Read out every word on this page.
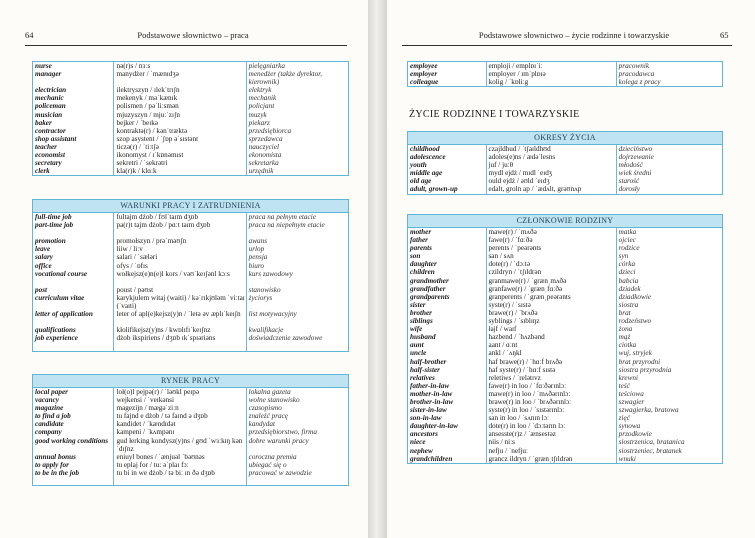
64	Podstawowe słownictwo – praca
nurse	nə(r)s / nɜːs	pielęgniarka
manager	manydżer / ˈmænɪdʒə	menedżer (także dyrektor, kierownik)
electrician	ilektryszyn / ɪlekˈtrɪʃn	elektryk
mechanic	mekenyk / məˈkænɪk	mechanik
policeman	polismen / pəˈliːsmən	policjant
musician	mjuzyszyn / mjuːˈzɪʃn	muzyk
baker	bejker / ˈbeɪkə	piekarz
contractor	kontraktə(r) / kənˈtræktə	przedsiębiorca
shop assistant	szop asystent / ˈʃɒp əˈsɪstənt	sprzedawca
teacher	ticzə(r) / ˈtiːtʃə	nauczyciel
economist	ikonomyst / ɪˈkɒnəmɪst	ekonomista
secretary	sekretri / ˈsekrətri	sekretarka
clerk	kla(r)k / klɑːk	urzędnik
WARUNKI PRACY I ZATRUDNIENIA
full-time job	fultajm dżob / fʊlˈtaɪm dʒɒb	praca na pełnym etacie
part-time job	pa(r)t tajm dżob / pɑːt taɪm dʒɒb	praca na niepełnym etacie
promotion	promołszyn / prəˈməʊʃn	awans
leave	liiw / liːv	urlop
salary	salari / ˈsæləri	pensja
office	ofys / ˈɒfɪs	biuro
vocational course	wołkejsz(e)n(e)l kors / vəʊˈkeɪʃənl kɔːs	kurs zawodowy
post	poust / pəʊst	stanowisko
curriculum vitae	karykjulem witaj (waiti) / kəˈrɪkjʊləm ˈviːtaɪ (ˈvaɪti)
życiorys
letter of application	leter of apl(e)kejsz(y)n / ˈletə əv æplɪˈkeɪʃn	list motywacyjny
qualifications	kłolifikejsz(y)ns / kwɒlɪfɪˈkeɪʃnz	kwalifikacje
job experience	dżob ikspiriens / dʒɒb ɪkˈspɪəriəns	doświadczenie zawodowe
RYNEK PRACY
local paper	loł(o)l pejpə(r) / ˈləʊkl peɪpə	lokalna gazeta
vacancy	wejkensi / ˈveɪkənsi	wolne stanowisko
magazine	magezijn / mægəˈziːn	czasopismo
to find a job	tu fajnd e dżob / tə faɪnd ə dʒɒb	znaleźć pracę
candidate	kandidet / ˈkændɪdət	kandydat
company	kampeni / ˈkʌmpənɪ	przedsiębiorstwo, firma
good working conditions	gud łerking kondysz(y)ns / gʊd ˈwɜːkɪŋ kənˈdɪʃnz
dobre warunki pracy
annual bonus	eniuyl bones / ˈænjuəl ˈbəʊnəs	coroczna premia
to apply for	tu eplaj for / tu: əˈplaɪ fɔː	ubiegać się o
to be in the job	tu bi in we dżob / tə biː ɪn ðə dʒɒb	pracować w zawodzie
Podstawowe słownictwo – życie rodzinne i towarzyskie	65
employee	emploji / emplɒɪˈiː	pracownik
employer	employer / ɪmˈplɒɪə	pracodawca
colleague	kolig / ˈkɒliːg	kolega z pracy
ŻYCIE RODZINNE I TOWARZYSKIE
OKRESY ŻYCIA
childhood	czajldhud / ˈtʃaɪldhʊd	dzieciństwo
adolescence	adoles(e)ns / ædəˈlesns	dojrzewanie
youth	juf / juːθ	młodość
middle age	mydl ejdż / mɪdl ˈeɪdʒ	wiek średni
old age	ould ejdż / əʊld ˈeɪdʒ	starość
adult, grown-up	edalt, groln ap / ˈædʌlt, grəʊnʌp	dorosły
CZŁONKOWIE RODZINY
mother	mawe(r) / ˈmʌðə	matka
father	fawe(r) / ˈfɑːðə	ojciec
parents	perents / ˈpeərənts	rodzice
son	san / sʌn	syn
daughter	dote(r) / ˈdɔːtə	córka
children	czildryn / ˈtʃɪldrən	dzieci
grandmother	granmawe(r) / ˈgrænˌmʌðə	babcia
grandfather	granfawe(r) / ˈgrænˌfɑːðə	dziadek
grandparents	granperents / ˈgrænˌpeərənts	dziadkowie
sister	syste(r) / ˈsɪstə	siostra
brother	brawe(r) / ˈbrʌðə	brat
siblings	syblings / ˈsɪblɪŋz	rodzeństwo
wife	łajf / waɪf	żona
husband	hazbend / ˈhʌzbənd	mąż
aunt	aant / ɑːnt	ciotka
uncle	ankl / ˈʌŋkl	wuj, stryjek
half-brother	haf brawe(r) / ˈhɑːf brʌðə	brat przyrodni
half-sister	haf syste(r) / ˈhɑːf sɪstə	siostra przyrodnia
relatives	reletiws / ˈrelətɪvz	krewni
father-in-law	fawe(r) in loo / ˈfɑːðərɪnlɔː	teść
mother-in-law	mawe(r) in loo / ˈmʌðərɪnlɔː	teściowa
brother-in-law	brawe(r) in loo / ˈbrʌðərɪnlɔː	szwagier
sister-in-law	syste(r) in loo / ˈsɪstərɪnlɔː	szwagierka, bratowa
son-in-law	san in loo / ˈsʌnɪn lɔː	zięć
daughter-in-law	dote(r) in loo / ˈdɔːtərɪn lɔː	synowa
ancestors	ansesste(r)z / ˈænsestəz	przodkowie
niece	niis / niːs	siostrzenica, bratanica
nephew	nefju / ˈnefjuː	siostrzeniec, bratanek
grandchildren	grancz ildryn / ˈgrænˌtʃɪldrən	wnuki
